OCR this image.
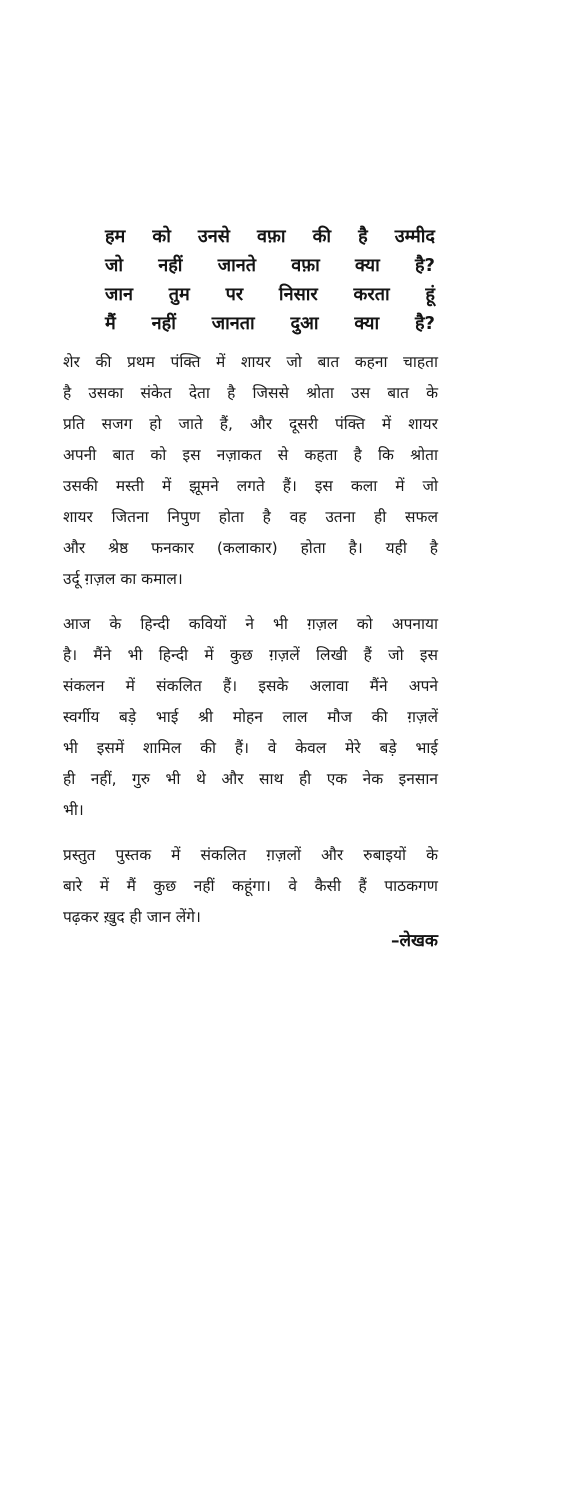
हम को उनसे वफ़ा की है उम्मीद
जो नहीं जानते वफ़ा क्या है?
जान तुम पर निसार करता हूं
मैं नहीं जानता दुआ क्या है?
शेर की प्रथम पंक्ति में शायर जो बात कहना चाहता
है उसका संकेत देता है जिससे श्रोता उस बात के
प्रति सजग हो जाते हैं, और दूसरी पंक्ति में शायर
अपनी बात को इस नज़ाकत से कहता है कि श्रोता
उसकी मस्ती में झूमने लगते हैं। इस कला में जो
शायर जितना निपुण होता है वह उतना ही सफल
और श्रेष्ठ फनकार (कलाकार) होता है। यही है
उर्दू ग़ज़ल का कमाल।
आज के हिन्दी कवियों ने भी ग़ज़ल को अपनाया
है। मैंने भी हिन्दी में कुछ ग़ज़लें लिखी हैं जो इस
संकलन में संकलित हैं। इसके अलावा मैंने अपने
स्वर्गीय बड़े भाई श्री मोहन लाल मौज की ग़ज़लें
भी इसमें शामिल की हैं। वे केवल मेरे बड़े भाई
ही नहीं, गुरु भी थे और साथ ही एक नेक इनसान
भी।
प्रस्तुत पुस्तक में संकलित ग़ज़लों और रुबाइयों के
बारे में मैं कुछ नहीं कहूंगा। वे कैसी हैं पाठकगण
पढ़कर ख़ुद ही जान लेंगे।
–लेखक
